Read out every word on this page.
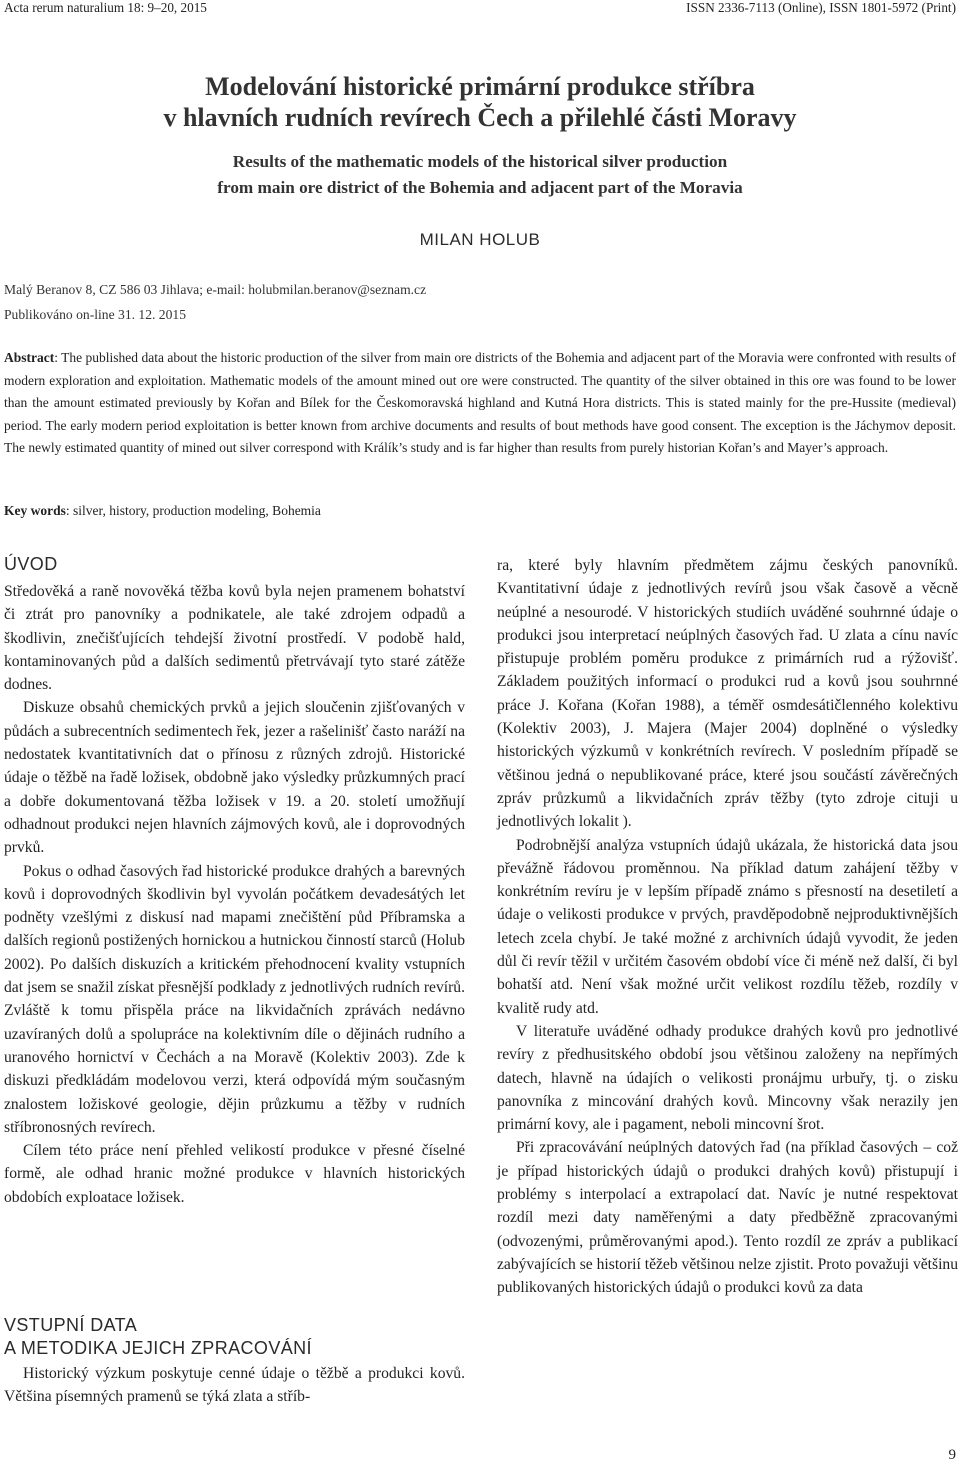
Acta rerum naturalium 18: 9–20, 2015	ISSN 2336-7113 (Online), ISSN 1801-5972 (Print)
Modelování historické primární produkce stříbra
v hlavních rudních revírech Čech a přilehlé části Moravy
Results of the mathematic models of the historical silver production
from main ore district of the Bohemia and adjacent part of the Moravia
MILAN HOLUB
Malý Beranov 8, CZ 586 03 Jihlava; e-mail: holubmilan.beranov@seznam.cz
Publikováno on-line 31. 12. 2015
Abstract: The published data about the historic production of the silver from main ore districts of the Bohemia and adjacent part of the Moravia were confronted with results of modern exploration and exploitation. Mathematic models of the amount mined out ore were constructed. The quantity of the silver obtained in this ore was found to be lower than the amount estimated previously by Kořan and Bílek for the Českomoravská highland and Kutná Hora districts. This is stated mainly for the pre-Hussite (medieval) period. The early modern period exploitation is better known from archive documents and results of bout methods have good consent. The exception is the Jáchymov deposit. The newly estimated quantity of mined out silver correspond with Králík’s study and is far higher than results from purely historian Kořan’s and Mayer’s approach.
Key words: silver, history, production modeling, Bohemia
ÚVOD

Středověká a raně novověká těžba kovů byla nejen pramenem bohatství či ztrát pro panovníky a podnikatele, ale také zdrojem odpadů a škodlivin, znečišťujících tehdejší životní prostředí. V podobě hald, kontaminovaných půd a dalších sedimentů přetrvávají tyto staré zátěže dodnes.

Diskuze obsahů chemických prvků a jejich sloučenin zjišťovaných v půdách a subrecentních sedimentech řek, jezer a rašelinišť často naráží na nedostatek kvantitativních dat o přínosu z různých zdrojů. Historické údaje o těžbě na řadě ložisek, obdobně jako výsledky průzkumných prací a dobře dokumentovaná těžba ložisek v 19. a 20. století umožňují odhadnout produkci nejen hlavních zájmových kovů, ale i doprovodných prvků.

Pokus o odhad časových řad historické produkce drahých a barevných kovů i doprovodných škodlivin byl vyvolán počátkem devadesátých let podněty vzešlými z diskusí nad mapami znečištění půd Příbramska a dalších regionů postižených hornickou a hutnickou činností starců (Holub 2002). Po dalších diskuzích a kritickém přehodnocení kvality vstupních dat jsem se snažil získat přesnější podklady z jednotlivých rudních revírů. Zvláště k tomu přispěla práce na likvidačních zprávách nedávno uzavíraných dolů a spolupráce na kolektivním díle o dějinách rudního a uranového hornictví v Čechách a na Moravě (Kolektiv 2003). Zde k diskuzi předkládám modelovou verzi, která odpovídá mým současným znalostem ložiskové geologie, dějin průzkumu a těžby v rudních stříbronosných revírech.

Cílem této práce není přehled velikostí produkce v přesné číselné formě, ale odhad hranic možné produkce v hlavních historických obdobích exploatace ložisek.

VSTUPNÍ DATA
A METODIKA JEJICH ZPRACOVÁNÍ

Historický výzkum poskytuje cenné údaje o těžbě a produkci kovů. Většina písemných pramenů se týká zlata a stříb-

ra, které byly hlavním předmětem zájmu českých panovníků. Kvantitativní údaje z jednotlivých revírů jsou však časově a věcně neúplné a nesourodé. V historických studiích uváděné souhrnné údaje o produkci jsou interpretací neúplných časových řad. U zlata a cínu navíc přistupuje problém poměru produkce z primárních rud a rýžovišť. Základem použitých informací o produkci rud a kovů jsou souhrnné práce J. Kořana (Kořan 1988), a téměř osmdesátičlenného kolektivu (Kolektiv 2003), J. Majera (Majer 2004) doplněné o výsledky historických výzkumů v konkrétních revírech. V posledním případě se většinou jedná o nepublikované práce, které jsou součástí závěrečných zpráv průzkumů a likvidačních zpráv těžby (tyto zdroje cituji u jednotlivých lokalit ).

Podrobnější analýza vstupních údajů ukázala, že historická data jsou převážně řádovou proměnnou. Na příklad datum zahájení těžby v konkrétním revíru je v lepším případě známo s přesností na desetiletí a údaje o velikosti produkce v prvých, pravděpodobně nejproduktivnějších letech zcela chybí. Je také možné z archivních údajů vyvodit, že jeden důl či revír těžil v určitém časovém období více či méně než další, či byl bohatší atd. Není však možné určit velikost rozdílu těžeb, rozdíly v kvalitě rudy atd.

V literatuře uváděné odhady produkce drahých kovů pro jednotlivé revíry z předhusitského období jsou většinou založeny na nepřímých datech, hlavně na údajích o velikosti pronájmu urbuřy, tj. o zisku panovníka z mincování drahých kovů. Mincovny však nerazily jen primární kovy, ale i pagament, neboli mincovní šrot.

Při zpracovávání neúplných datových řad (na příklad časových – což je případ historických údajů o produkci drahých kovů) přistupují i problémy s interpolací a extrapolací dat. Navíc je nutné respektovat rozdíl mezi daty naměřenými a daty předběžně zpracovanými (odvozenými, průměrovanými apod.). Tento rozdíl ze zpráv a publikací zabývajících se historií těžeb většinou nelze zjistit. Proto považuji většinu publikovaných historických údajů o produkci kovů za data

9
